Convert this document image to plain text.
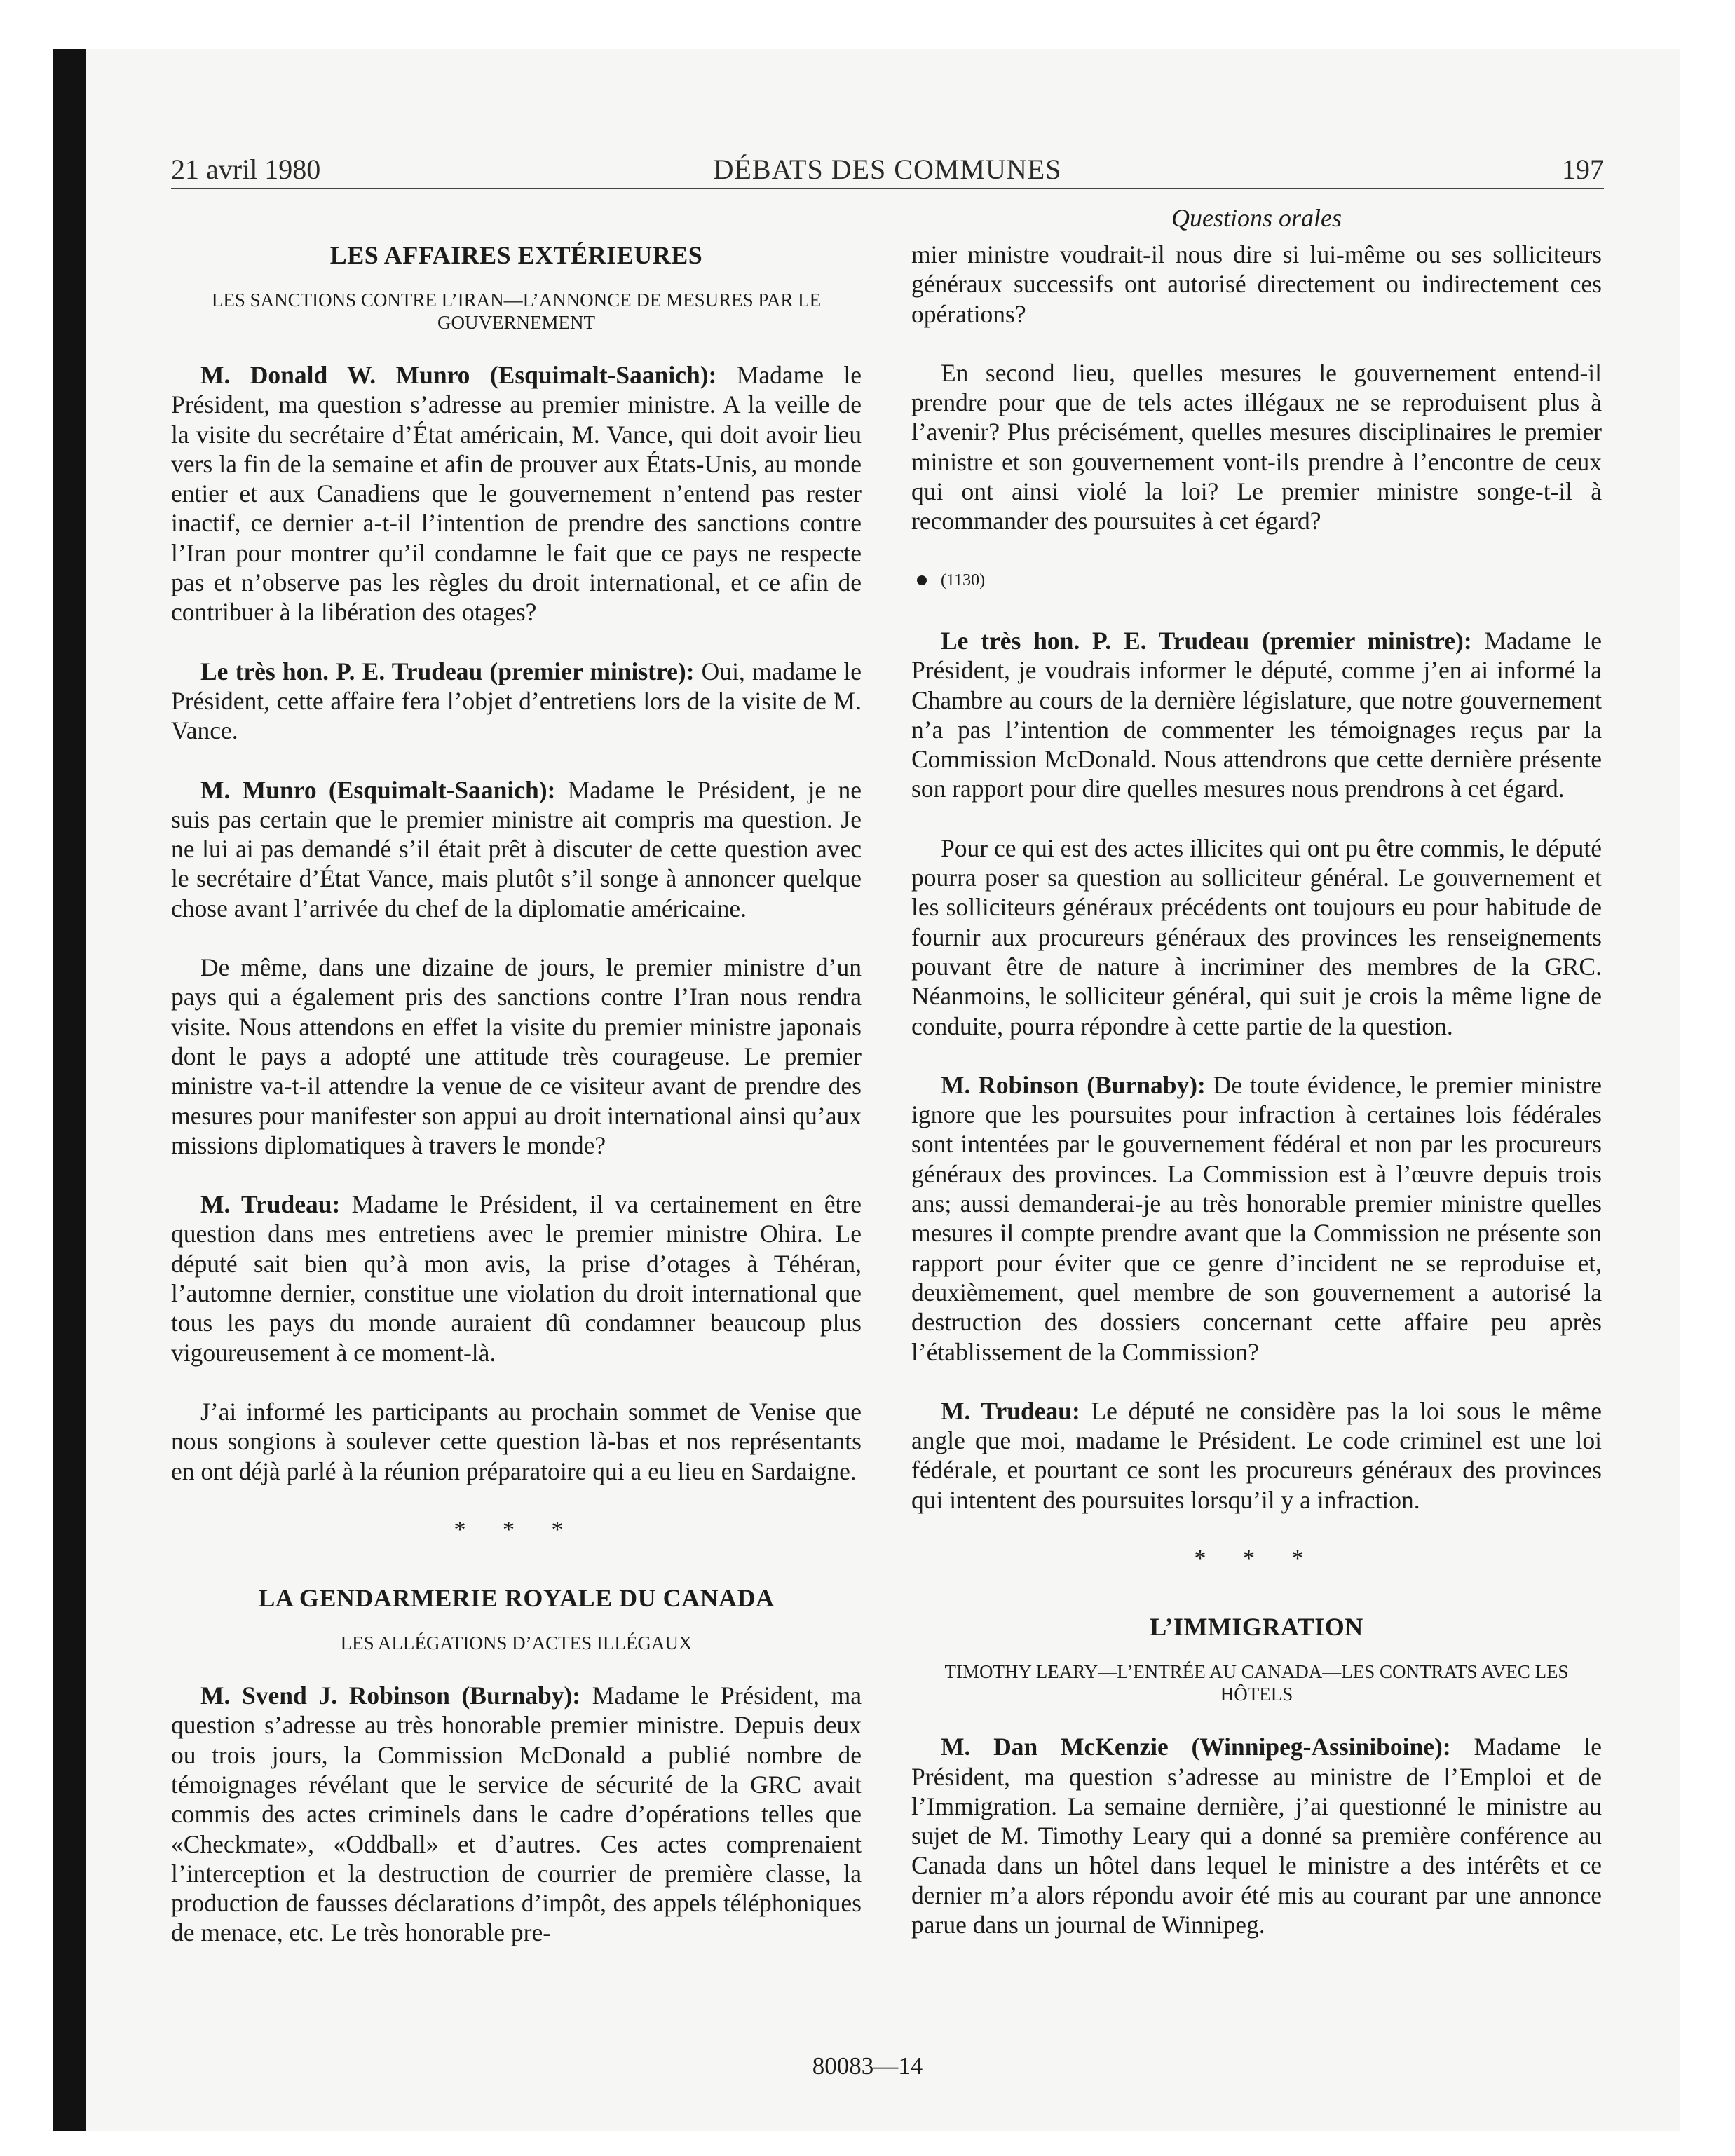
21 avril 1980	DÉBATS DES COMMUNES	197
LES AFFAIRES EXTÉRIEURES
LES SANCTIONS CONTRE L’IRAN—L’ANNONCE DE MESURES PAR LE GOUVERNEMENT

M. Donald W. Munro (Esquimalt-Saanich): Madame le Président, ma question s’adresse au premier ministre. A la veille de la visite du secrétaire d’État américain, M. Vance, qui doit avoir lieu vers la fin de la semaine et afin de prouver aux États-Unis, au monde entier et aux Canadiens que le gouvernement n’entend pas rester inactif, ce dernier a-t-il l’intention de prendre des sanctions contre l’Iran pour montrer qu’il condamne le fait que ce pays ne respecte pas et n’observe pas les règles du droit international, et ce afin de contribuer à la libération des otages?

Le très hon. P. E. Trudeau (premier ministre): Oui, madame le Président, cette affaire fera l’objet d’entretiens lors de la visite de M. Vance.

M. Munro (Esquimalt-Saanich): Madame le Président, je ne suis pas certain que le premier ministre ait compris ma question. Je ne lui ai pas demandé s’il était prêt à discuter de cette question avec le secrétaire d’État Vance, mais plutôt s’il songe à annoncer quelque chose avant l’arrivée du chef de la diplomatie américaine.

De même, dans une dizaine de jours, le premier ministre d’un pays qui a également pris des sanctions contre l’Iran nous rendra visite. Nous attendons en effet la visite du premier ministre japonais dont le pays a adopté une attitude très courageuse. Le premier ministre va-t-il attendre la venue de ce visiteur avant de prendre des mesures pour manifester son appui au droit international ainsi qu’aux missions diplomatiques à travers le monde?

M. Trudeau: Madame le Président, il va certainement en être question dans mes entretiens avec le premier ministre Ohira. Le député sait bien qu’à mon avis, la prise d’otages à Téhéran, l’automne dernier, constitue une violation du droit international que tous les pays du monde auraient dû condamner beaucoup plus vigoureusement à ce moment-là.

J’ai informé les participants au prochain sommet de Venise que nous songions à soulever cette question là-bas et nos représentants en ont déjà parlé à la réunion préparatoire qui a eu lieu en Sardaigne.

* * *
LA GENDARMERIE ROYALE DU CANADA
LES ALLÉGATIONS D’ACTES ILLÉGAUX

M. Svend J. Robinson (Burnaby): Madame le Président, ma question s’adresse au très honorable premier ministre. Depuis deux ou trois jours, la Commission McDonald a publié nombre de témoignages révélant que le service de sécurité de la GRC avait commis des actes criminels dans le cadre d’opérations telles que «Checkmate», «Oddball» et d’autres. Ces actes comprenaient l’interception et la destruction de courrier de première classe, la production de fausses déclarations d’impôt, des appels téléphoniques de menace, etc. Le très honorable pre-

Questions orales

mier ministre voudrait-il nous dire si lui-même ou ses solliciteurs généraux successifs ont autorisé directement ou indirectement ces opérations?

En second lieu, quelles mesures le gouvernement entend-il prendre pour que de tels actes illégaux ne se reproduisent plus à l’avenir? Plus précisément, quelles mesures disciplinaires le premier ministre et son gouvernement vont-ils prendre à l’encontre de ceux qui ont ainsi violé la loi? Le premier ministre songe-t-il à recommander des poursuites à cet égard?

(1130)

Le très hon. P. E. Trudeau (premier ministre): Madame le Président, je voudrais informer le député, comme j’en ai informé la Chambre au cours de la dernière législature, que notre gouvernement n’a pas l’intention de commenter les témoignages reçus par la Commission McDonald. Nous attendrons que cette dernière présente son rapport pour dire quelles mesures nous prendrons à cet égard.

Pour ce qui est des actes illicites qui ont pu être commis, le député pourra poser sa question au solliciteur général. Le gouvernement et les solliciteurs généraux précédents ont toujours eu pour habitude de fournir aux procureurs généraux des provinces les renseignements pouvant être de nature à incriminer des membres de la GRC. Néanmoins, le solliciteur général, qui suit je crois la même ligne de conduite, pourra répondre à cette partie de la question.

M. Robinson (Burnaby): De toute évidence, le premier ministre ignore que les poursuites pour infraction à certaines lois fédérales sont intentées par le gouvernement fédéral et non par les procureurs généraux des provinces. La Commission est à l’œuvre depuis trois ans; aussi demanderai-je au très honorable premier ministre quelles mesures il compte prendre avant que la Commission ne présente son rapport pour éviter que ce genre d’incident ne se reproduise et, deuxièmement, quel membre de son gouvernement a autorisé la destruction des dossiers concernant cette affaire peu après l’établissement de la Commission?

M. Trudeau: Le député ne considère pas la loi sous le même angle que moi, madame le Président. Le code criminel est une loi fédérale, et pourtant ce sont les procureurs généraux des provinces qui intentent des poursuites lorsqu’il y a infraction.

* * *
L’IMMIGRATION
TIMOTHY LEARY—L’ENTRÉE AU CANADA—LES CONTRATS AVEC LES HÔTELS

M. Dan McKenzie (Winnipeg-Assiniboine): Madame le Président, ma question s’adresse au ministre de l’Emploi et de l’Immigration. La semaine dernière, j’ai questionné le ministre au sujet de M. Timothy Leary qui a donné sa première conférence au Canada dans un hôtel dans lequel le ministre a des intérêts et ce dernier m’a alors répondu avoir été mis au courant par une annonce parue dans un journal de Winnipeg.

80083—14
